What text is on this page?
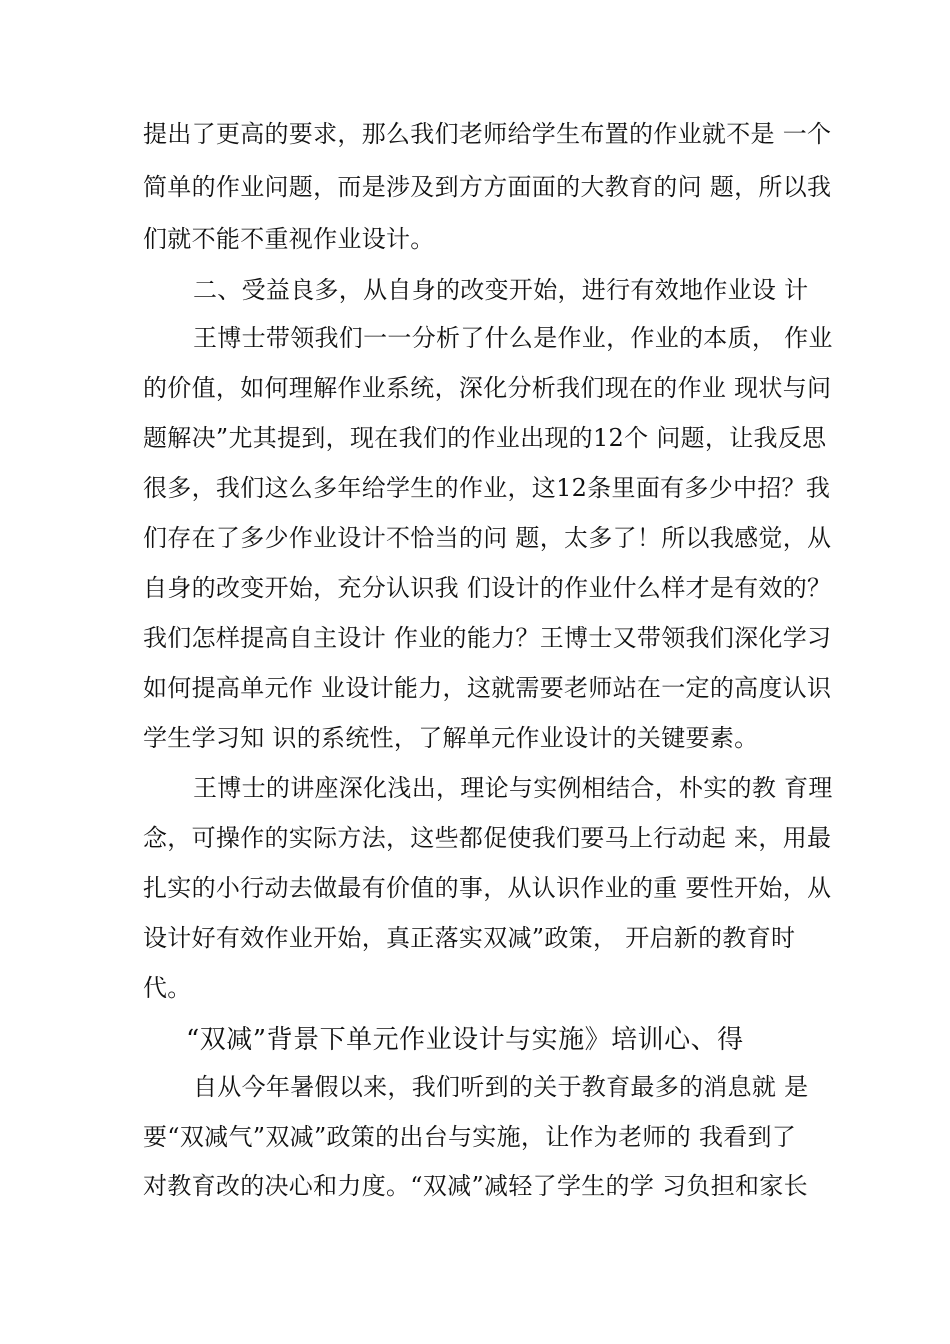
提出了更高的要求，那么我们老师给学生布置的作业就不是 一个
简单的作业问题，而是涉及到方方面面的大教育的问 题，所以我
们就不能不重视作业设计。
二、受益良多，从自身的改变开始，进行有效地作业设 计
王博士带领我们一一分析了什么是作业，作业的本质， 作业
的价值，如何理解作业系统，深化分析我们现在的作业 现状与问
题解决”尤其提到，现在我们的作业出现的12个 问题，让我反思
很多，我们这么多年给学生的作业，这12条里面有多少中招？我
们存在了多少作业设计不恰当的问 题，太多了！所以我感觉，从
自身的改变开始，充分认识我 们设计的作业什么样才是有效的？
我们怎样提高自主设计 作业的能力？王博士又带领我们深化学习
如何提高单元作 业设计能力，这就需要老师站在一定的高度认识
学生学习知 识的系统性，了解单元作业设计的关键要素。
王博士的讲座深化浅出，理论与实例相结合，朴实的教 育理
念，可操作的实际方法，这些都促使我们要马上行动起 来，用最
扎实的小行动去做最有价值的事，从认识作业的重 要性开始，从
设计好有效作业开始，真正落实双减”政策， 开启新的教育时
代。
“双减”背景下单元作业设计与实施》培训心、得
自从今年暑假以来，我们听到的关于教育最多的消息就 是
要“双减气”双减”政策的出台与实施，让作为老师的 我看到了
对教育改的决心和力度。“双减”减轻了学生的学 习负担和家长
